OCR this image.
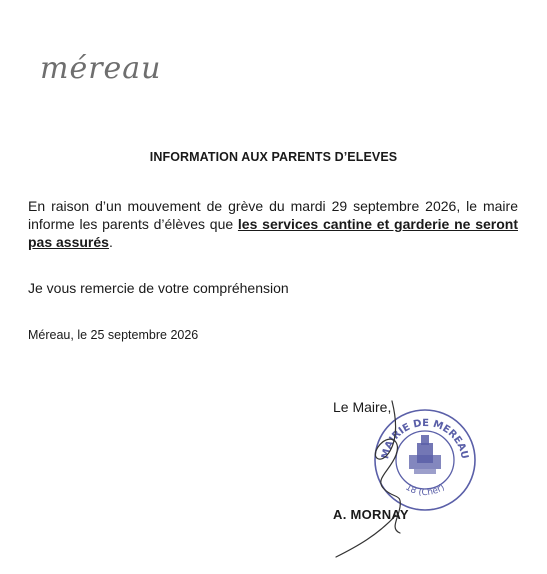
méreau
INFORMATION AUX PARENTS D’ELEVES
En raison d’un mouvement de grève du mardi 29 septembre 2026, le maire informe les parents d’élèves que les services cantine et garderie ne seront pas assurés.
Je vous remercie de votre compréhension
Méreau, le 25 septembre 2026
Le Maire,
MAIRIE DE MEREAU
18 (Cher)
A. MORNAY
